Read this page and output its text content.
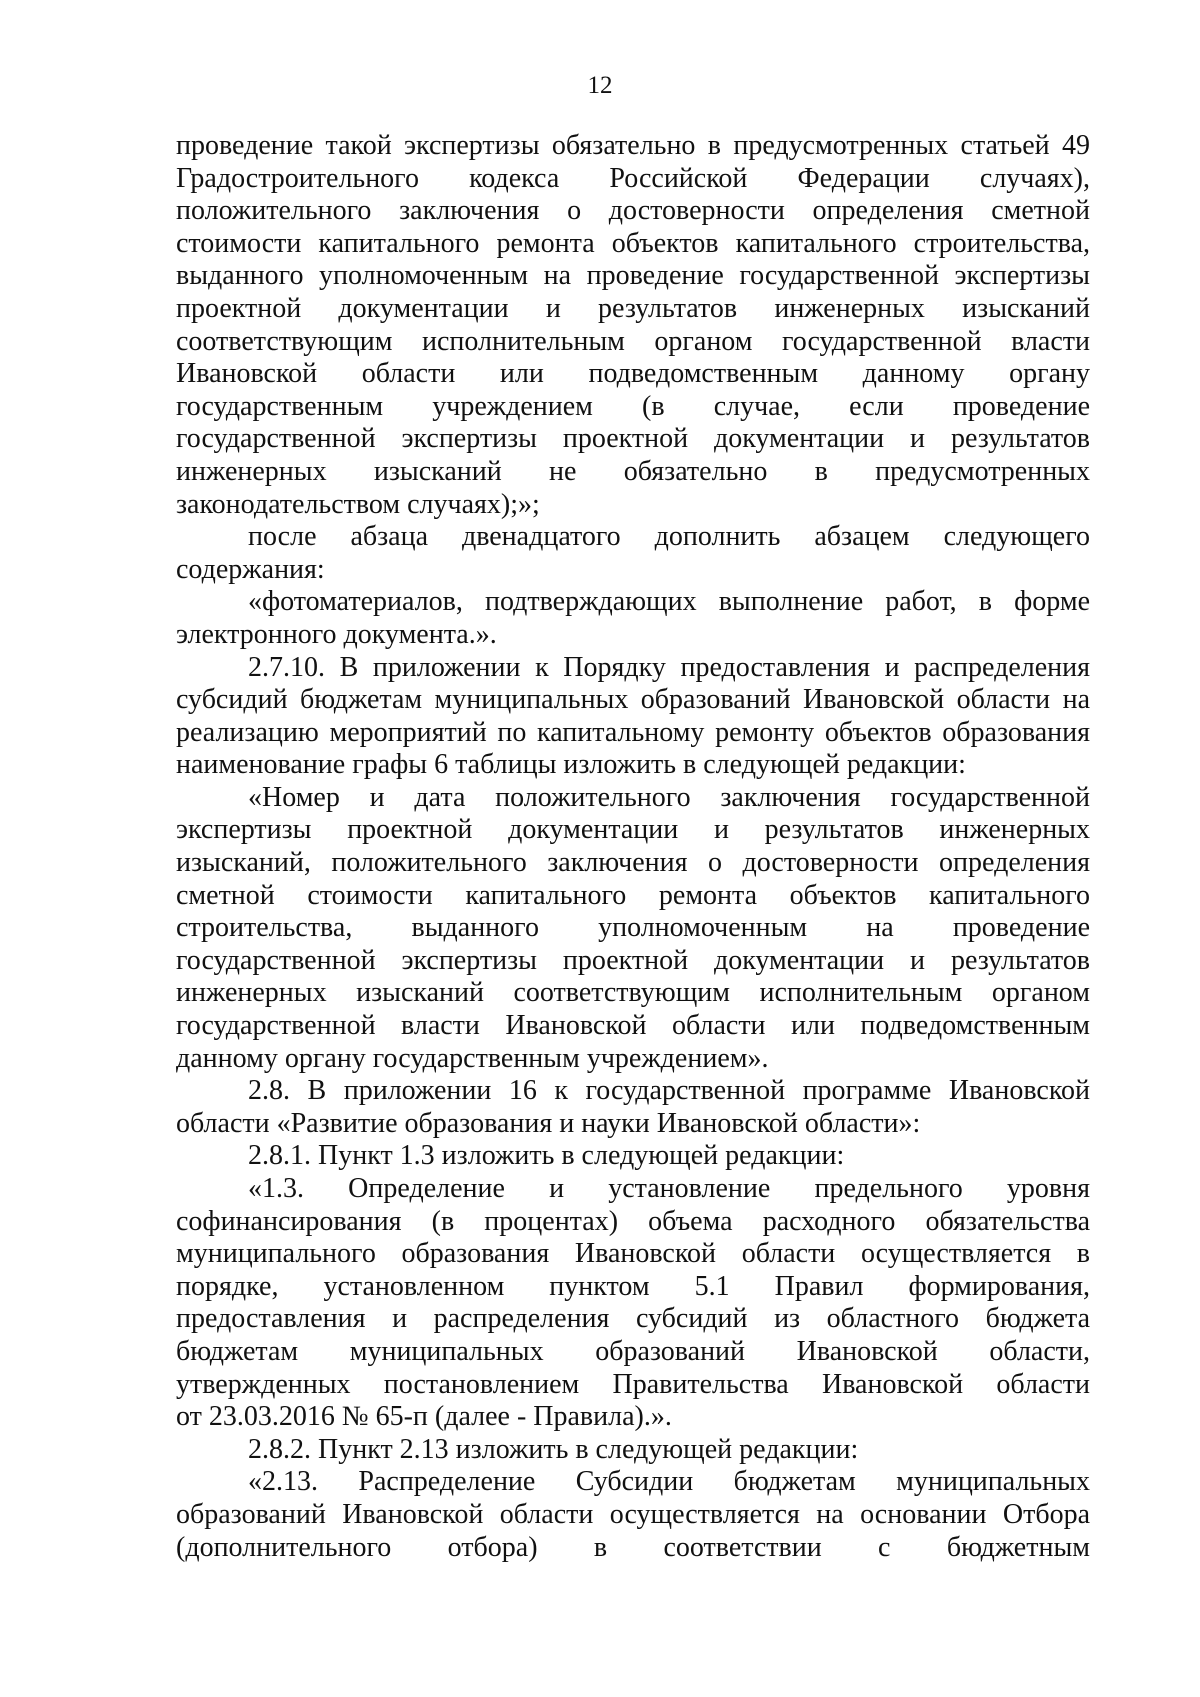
12

проведение такой экспертизы обязательно в предусмотренных статьей 49

Градостроительного кодекса Российской Федерации случаях),

положительного заключения о достоверности определения сметной

стоимости капитального ремонта объектов капитального строительства,

выданного уполномоченным на проведение государственной экспертизы

проектной документации и результатов инженерных изысканий

соответствующим исполнительным органом государственной власти

Ивановской области или подведомственным данному органу

государственным учреждением (в случае, если проведение

государственной экспертизы проектной документации и результатов

инженерных изысканий не обязательно в предусмотренных

законодательством случаях);»;

после абзаца двенадцатого дополнить абзацем следующего

содержания:

«фотоматериалов, подтверждающих выполнение работ, в форме

электронного документа.».

2.7.10. В приложении к Порядку предоставления и распределения

субсидий бюджетам муниципальных образований Ивановской области на

реализацию мероприятий по капитальному ремонту объектов образования

наименование графы 6 таблицы изложить в следующей редакции:

«Номер и дата положительного заключения государственной

экспертизы проектной документации и результатов инженерных

изысканий, положительного заключения о достоверности определения

сметной стоимости капитального ремонта объектов капитального

строительства, выданного уполномоченным на проведение

государственной экспертизы проектной документации и результатов

инженерных изысканий соответствующим исполнительным органом

государственной власти Ивановской области или подведомственным

данному органу государственным учреждением».

2.8. В приложении 16 к государственной программе Ивановской

области «Развитие образования и науки Ивановской области»:

2.8.1. Пункт 1.3 изложить в следующей редакции:

«1.3. Определение и установление предельного уровня

софинансирования (в процентах) объема расходного обязательства

муниципального образования Ивановской области осуществляется в

порядке, установленном пунктом 5.1 Правил формирования,

предоставления и распределения субсидий из областного бюджета

бюджетам муниципальных образований Ивановской области,

утвержденных постановлением Правительства Ивановской области

от 23.03.2016 № 65-п (далее - Правила).».

2.8.2. Пункт 2.13 изложить в следующей редакции:

«2.13. Распределение Субсидии бюджетам муниципальных

образований Ивановской области осуществляется на основании Отбора

(дополнительного отбора) в соответствии с бюджетным
